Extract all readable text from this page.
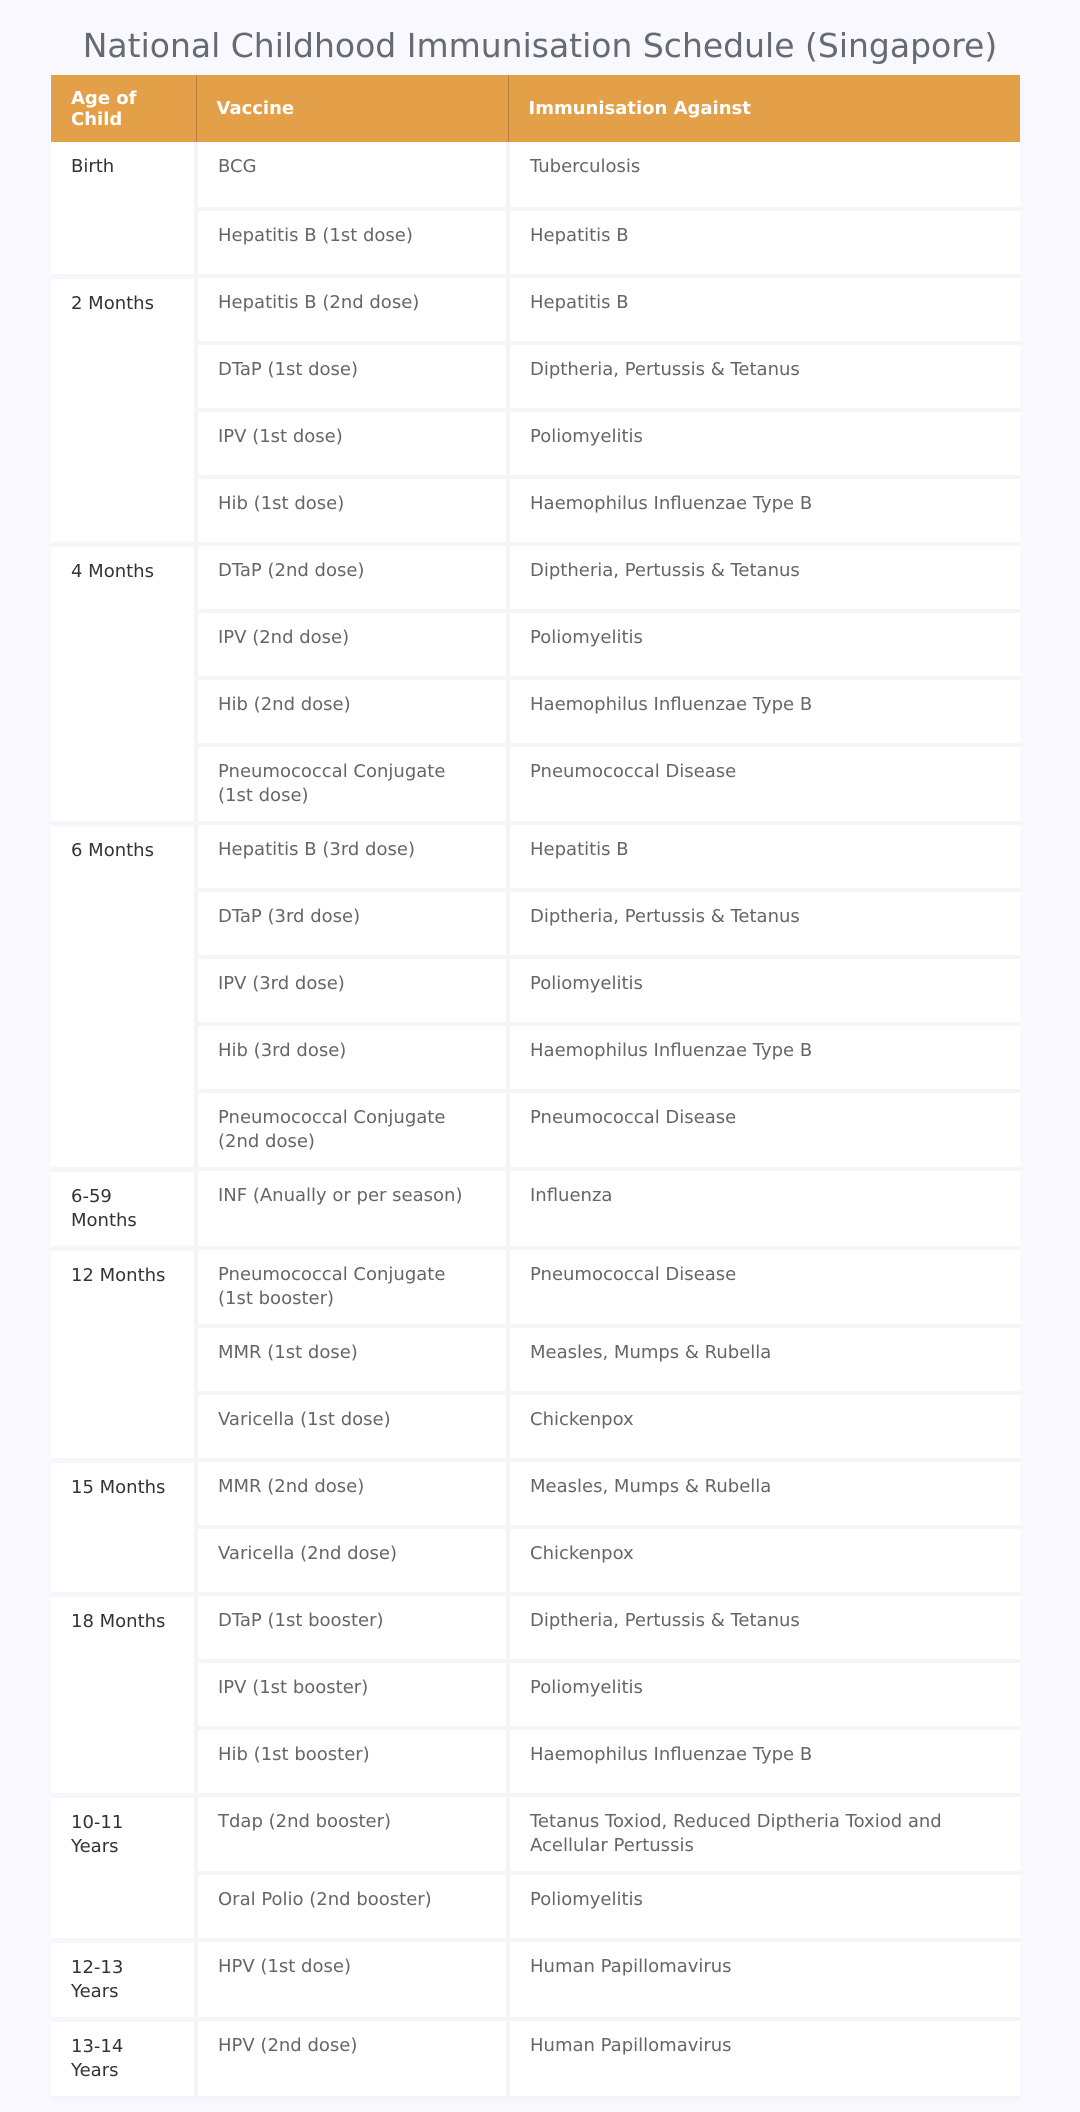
National Childhood Immunisation Schedule (Singapore)
Age of Child	Vaccine	Immunisation Against
Birth	BCG	Tuberculosis
	Hepatitis B (1st dose)	Hepatitis B
2 Months	Hepatitis B (2nd dose)	Hepatitis B
	DTaP (1st dose)	Diptheria, Pertussis & Tetanus
	IPV (1st dose)	Poliomyelitis
	Hib (1st dose)	Haemophilus Influenzae Type B
4 Months	DTaP (2nd dose)	Diptheria, Pertussis & Tetanus
	IPV (2nd dose)	Poliomyelitis
	Hib (2nd dose)	Haemophilus Influenzae Type B
	Pneumococcal Conjugate (1st dose)	Pneumococcal Disease
6 Months	Hepatitis B (3rd dose)	Hepatitis B
	DTaP (3rd dose)	Diptheria, Pertussis & Tetanus
	IPV (3rd dose)	Poliomyelitis
	Hib (3rd dose)	Haemophilus Influenzae Type B
	Pneumococcal Conjugate (2nd dose)	Pneumococcal Disease
6-59 Months	INF (Anually or per season)	Influenza
12 Months	Pneumococcal Conjugate (1st booster)	Pneumococcal Disease
	MMR (1st dose)	Measles, Mumps & Rubella
	Varicella (1st dose)	Chickenpox
15 Months	MMR (2nd dose)	Measles, Mumps & Rubella
	Varicella (2nd dose)	Chickenpox
18 Months	DTaP (1st booster)	Diptheria, Pertussis & Tetanus
	IPV (1st booster)	Poliomyelitis
	Hib (1st booster)	Haemophilus Influenzae Type B
10-11 Years	Tdap (2nd booster)	Tetanus Toxiod, Reduced Diptheria Toxiod and Acellular Pertussis
	Oral Polio (2nd booster)	Poliomyelitis
12-13 Years	HPV (1st dose)	Human Papillomavirus
13-14 Years	HPV (2nd dose)	Human Papillomavirus
